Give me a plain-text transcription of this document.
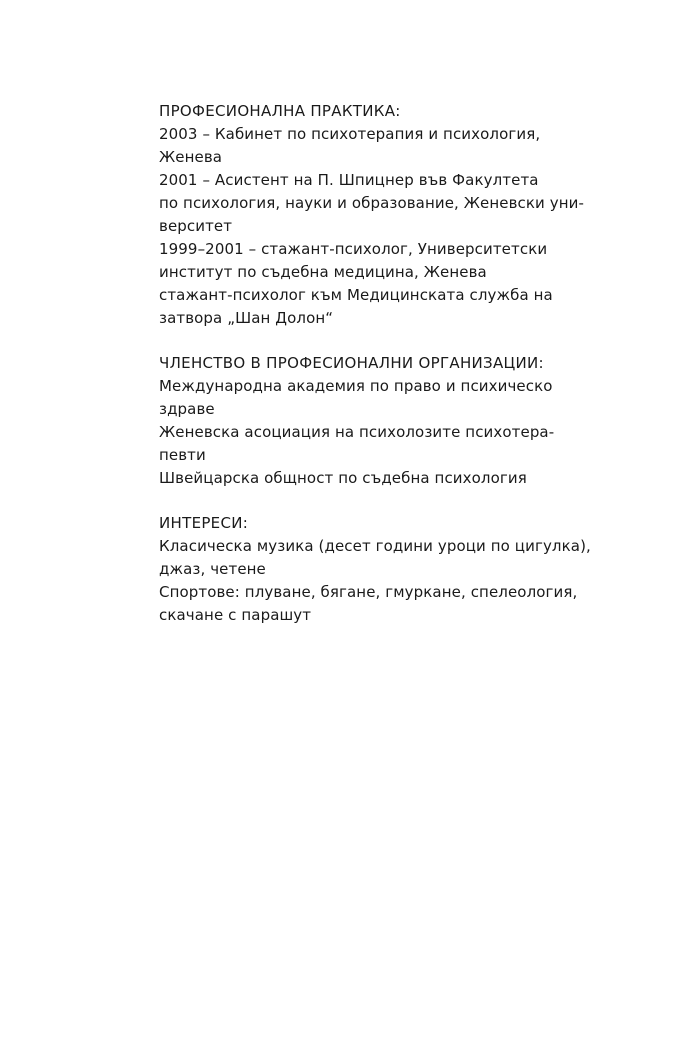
ПРОФЕСИОНАЛНА ПРАКТИКА:

2003 – Кабинет по психотерапия и психология,

Женева

2001 – Асистент на П. Шпицнер във Факултета

по психология, науки и образование, Женевски уни-

верситет

1999–2001 – стажант-психолог, Университетски

институт по съдебна медицина, Женева

стажант-психолог към Медицинската служба на

затвора „Шан Долон“

ЧЛЕНСТВО В ПРОФЕСИОНАЛНИ ОРГАНИЗАЦИИ:

Международна академия по право и психическо

здраве

Женевска асоциация на психолозите психотера-

певти

Швейцарска общност по съдебна психология

ИНТЕРЕСИ:

Класическа музика (десет години уроци по цигулка),

джаз, четене

Спортове: плуване, бягане, гмуркане, спелеология,

скачане с парашут
